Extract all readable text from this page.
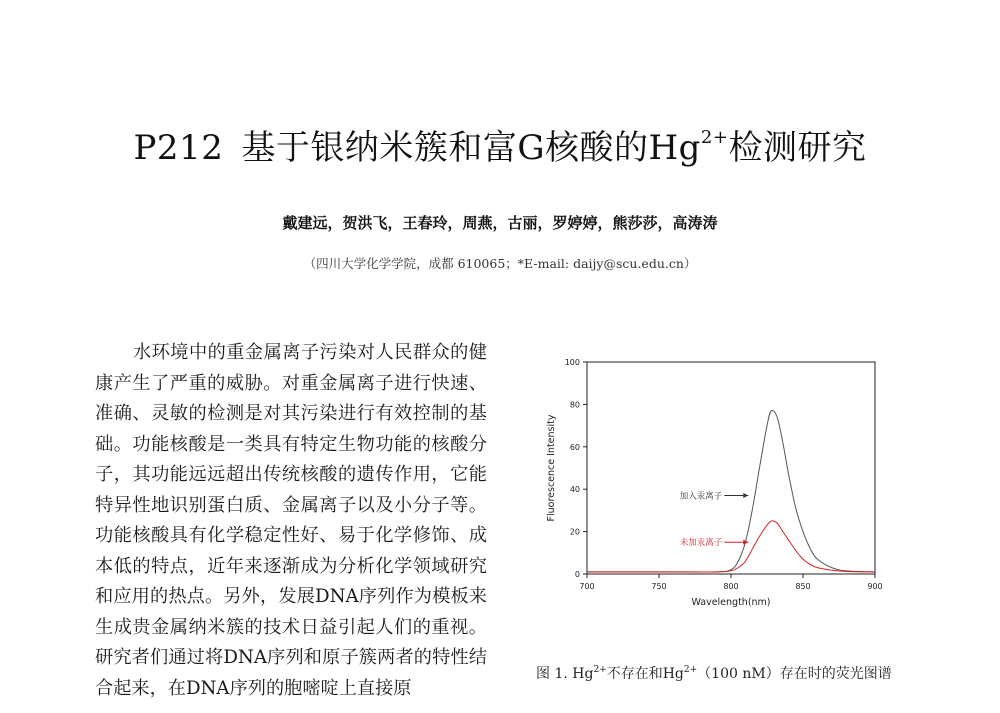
P212 基于银纳米簇和富G核酸的$Hg^{2+}$检测研究
戴建远，贺洪飞，王春玲，周燕，古丽，罗婷婷，熊莎莎，高涛涛
（四川大学化学学院，成都 610065；*E-mail: daijy@scu.edu.cn）

水环境中的重金属离子污染对人民群众的健康产生了严重的威胁。对重金属离子进行快速、准确、灵敏的检测是对其污染进行有效控制的基础。功能核酸是一类具有特定生物功能的核酸分子，其功能远远超出传统核酸的遗传作用，它能特异性地识别蛋白质、金属离子以及小分子等。功能核酸具有化学稳定性好、易于化学修饰、成本低的特点，近年来逐渐成为分析化学领域研究和应用的热点。另外，发展DNA序列作为模板来生成贵金属纳米簇的技术日益引起人们的重视。研究者们通过将DNA序列和原子簇两者的特性结合起来，在DNA序列的胞嘧啶上直接原

700	750	800	850	900
0
20
40
60
80
100
Wavelength(nm)
Fluorescence Intensity	加入汞离子
未加汞离子
图 1. $Hg^{2+}$不存在和$Hg^{2+}(100$ nM）存在时的荧光图谱
